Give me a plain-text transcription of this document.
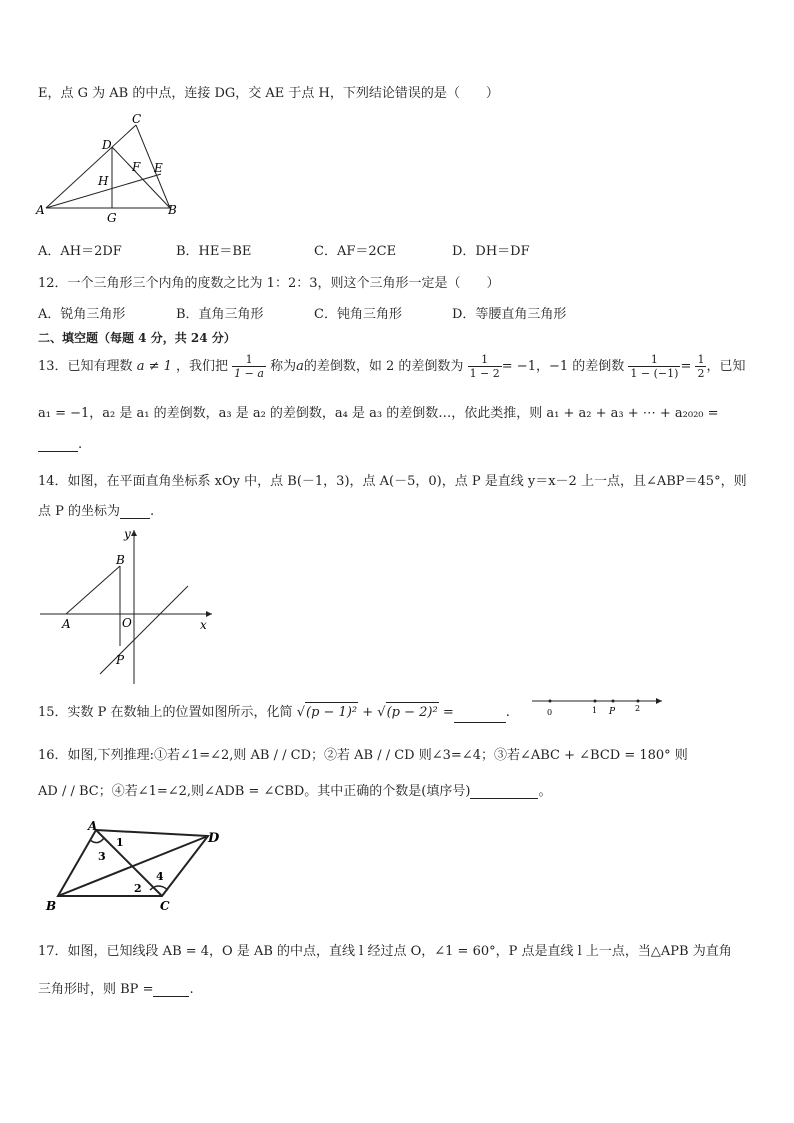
E，点 G 为 AB 的中点，连接 DG，交 AE 于点 H，下列结论错误的是（　　）
C
D
F E
H
A	B
G
A．AH＝2DF	B．HE＝BE	C．AF＝2CE	D．DH＝DF
12．一个三角形三个内角的度数之比为 1：2：3，则这个三角形一定是（　　）
A．锐角三角形	B．直角三角形	C．钝角三角形	D．等腰直角三角形
二、填空题（每题 4 分，共 24 分）
13．已知有理数 a ≠ 1 ，我们把 $\frac{1}{1 - a}$ 称为a的差倒数，如 2 的差倒数为 $\frac{1}{1 - 2} = -1$，−1 的差倒数 $\frac{1}{1 - (-1)} = \frac{1}{2}$ ，已知
a₁ = −1，a₂ 是 a₁ 的差倒数，a₃ 是 a₂ 的差倒数，a₄ 是 a₃ 的差倒数…，依此类推，则 a₁ + a₂ + a₃ + ⋯ + a₂₀₂₀ =
.
14．如图，在平面直角坐标系 xOy 中，点 B(－1，3)，点 A(－5，0)，点 P 是直线 y＝x－2 上一点，且∠ABP＝45°，则
点 P 的坐标为 .
y
B
A	O	x
P
15．实数 P 在数轴上的位置如图所示，化简 √(p − 1)² + √(p − 2)² =	.	0	1 P 2
16．如图,下列推理:①若∠1=∠2,则 AB / / CD；②若 AB / / CD 则∠3=∠4；③若∠ABC + ∠BCD = 180° 则
AD / / BC；④若∠1=∠2,则∠ADB = ∠CBD。其中正确的个数是(填序号)	。
A
D
B	C
1
3
2
4
17．如图，已知线段 AB = 4，O 是 AB 的中点，直线 l 经过点 O，∠1 = 60°，P 点是直线 l 上一点，当△APB 为直角
三角形时，则 BP =	.
